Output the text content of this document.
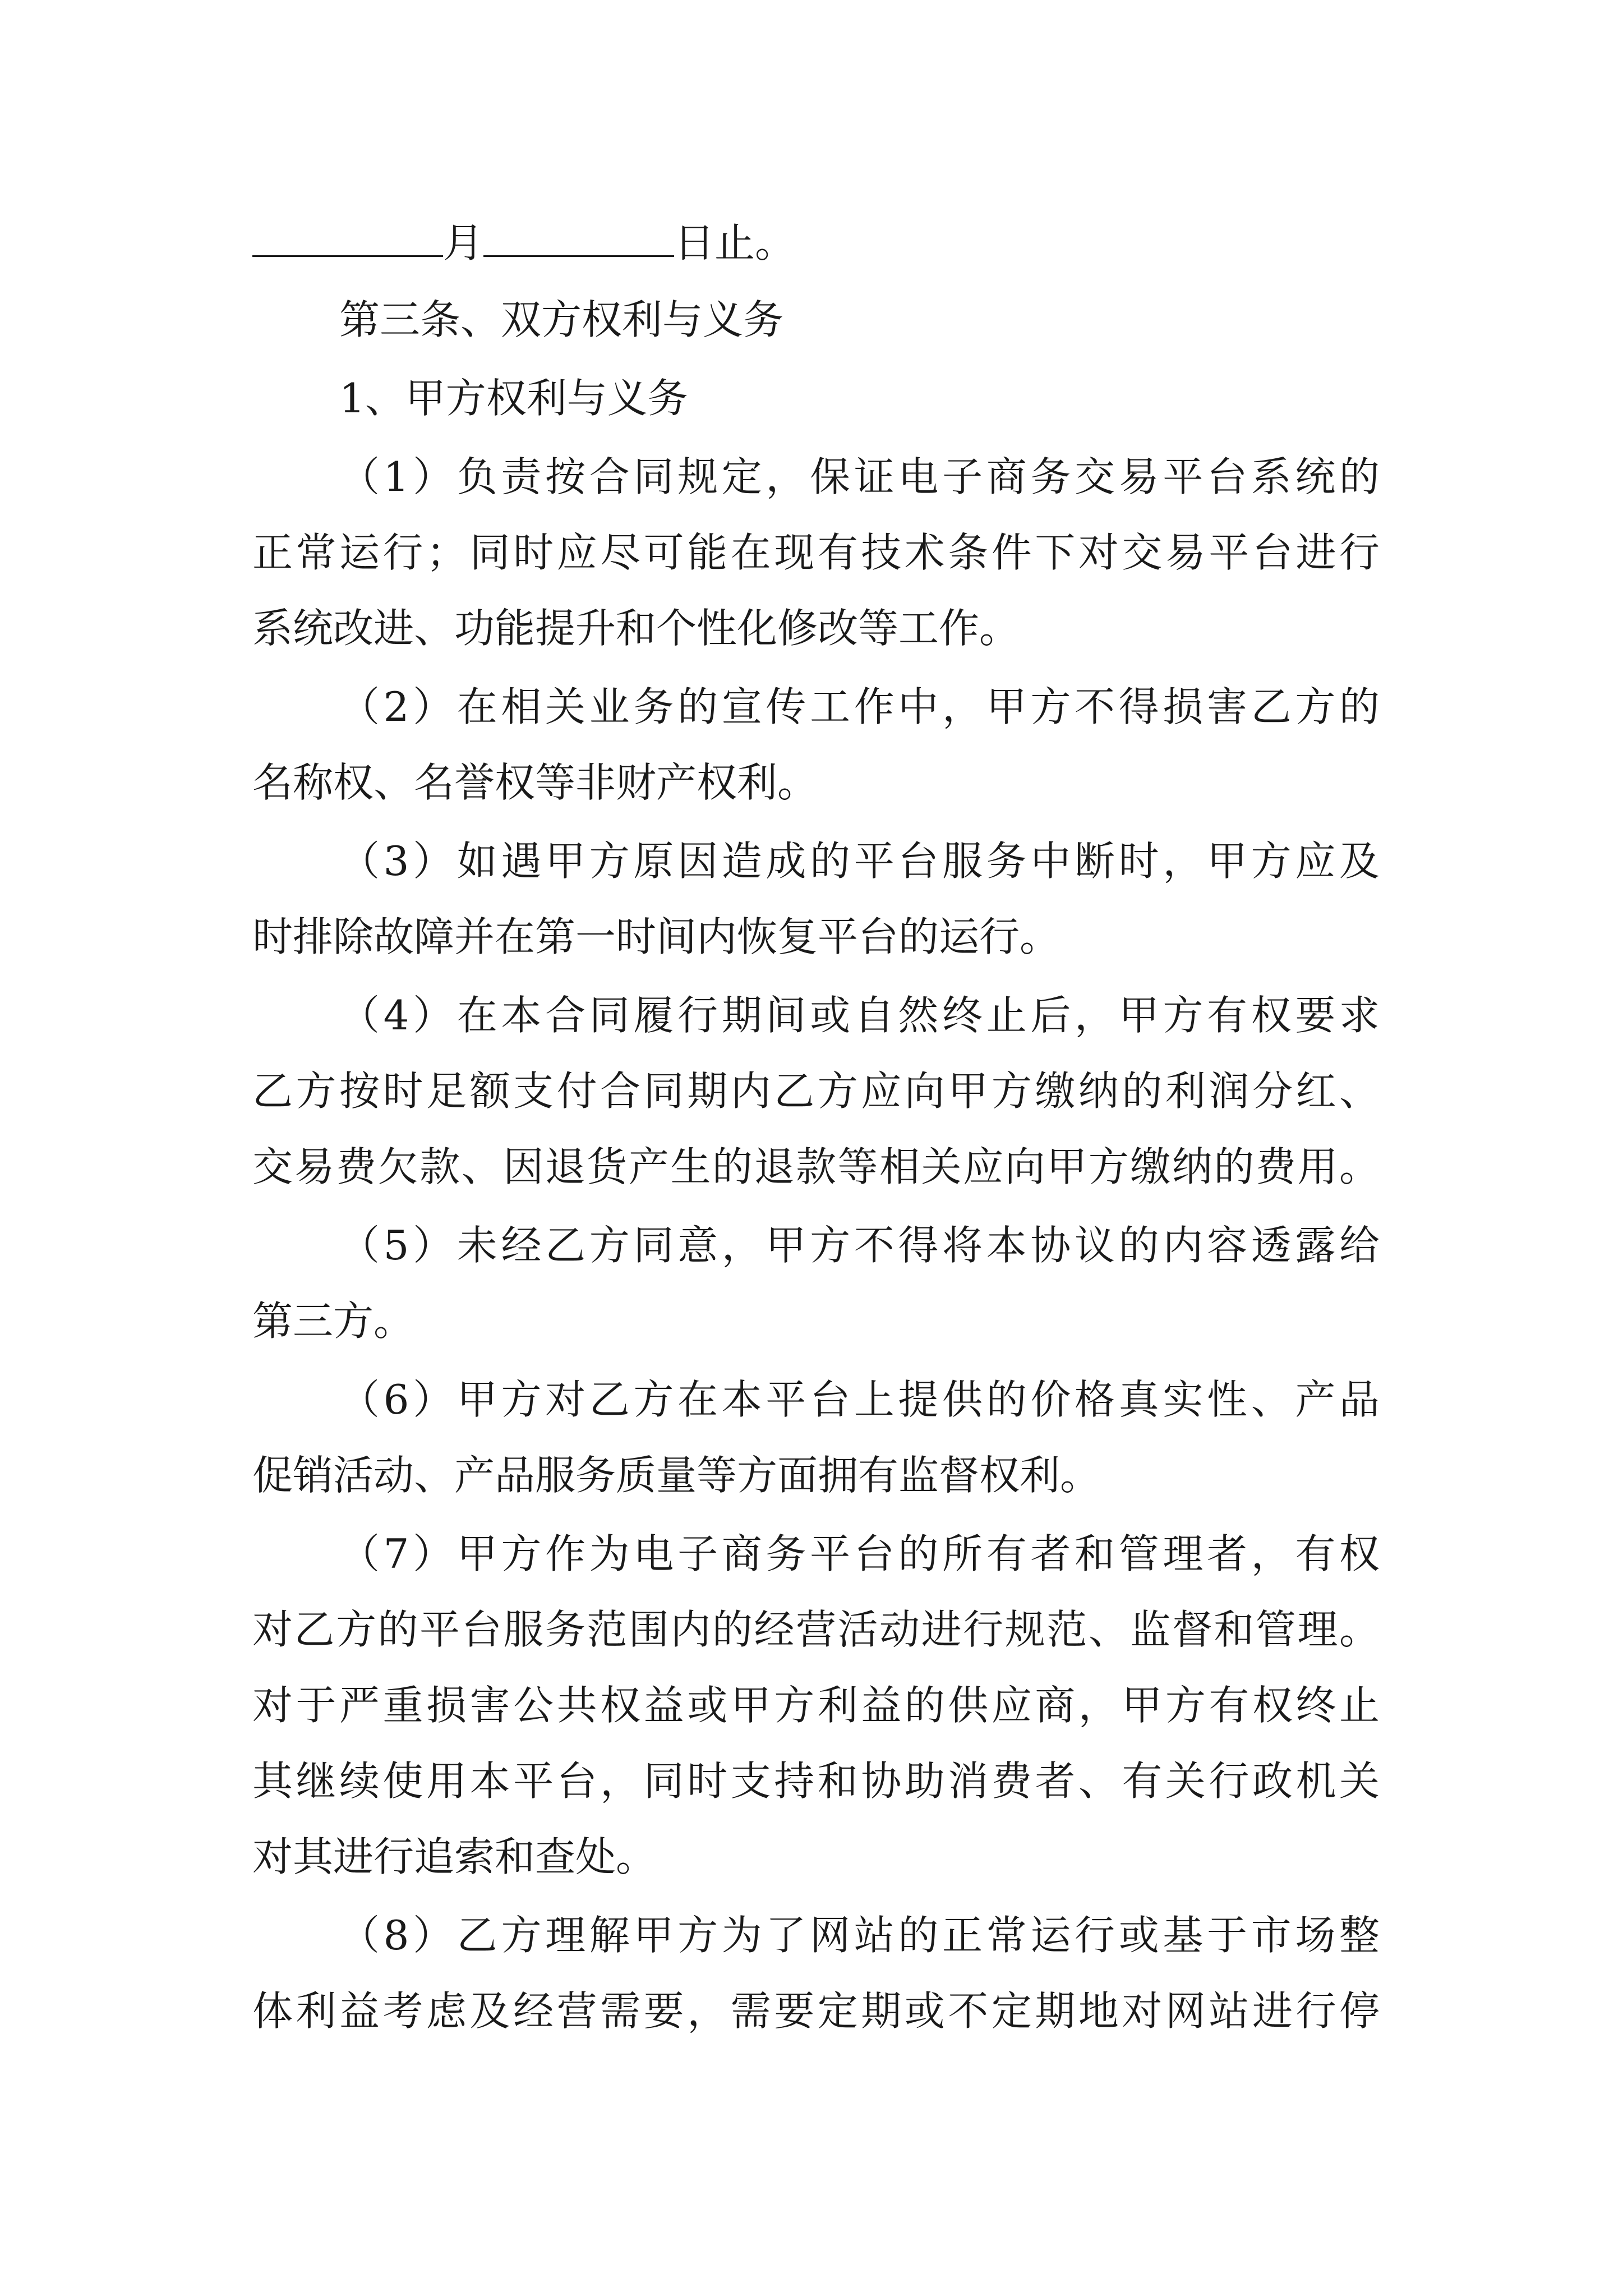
月	日止。
第三条、双方权利与义务
1、甲方权利与义务
（1）负责按合同规定，保证电子商务交易平台系统的
正常运行；同时应尽可能在现有技术条件下对交易平台进行
系统改进、功能提升和个性化修改等工作。
（2）在相关业务的宣传工作中，甲方不得损害乙方的
名称权、名誉权等非财产权利。
（3）如遇甲方原因造成的平台服务中断时，甲方应及
时排除故障并在第一时间内恢复平台的运行。
（4）在本合同履行期间或自然终止后，甲方有权要求
乙方按时足额支付合同期内乙方应向甲方缴纳的利润分红、
交易费欠款、因退货产生的退款等相关应向甲方缴纳的费用。
（5）未经乙方同意，甲方不得将本协议的内容透露给
第三方。
（6）甲方对乙方在本平台上提供的价格真实性、产品
促销活动、产品服务质量等方面拥有监督权利。
（7）甲方作为电子商务平台的所有者和管理者，有权
对乙方的平台服务范围内的经营活动进行规范、监督和管理。
对于严重损害公共权益或甲方利益的供应商，甲方有权终止
其继续使用本平台，同时支持和协助消费者、有关行政机关
对其进行追索和查处。
（8）乙方理解甲方为了网站的正常运行或基于市场整
体利益考虑及经营需要，需要定期或不定期地对网站进行停
